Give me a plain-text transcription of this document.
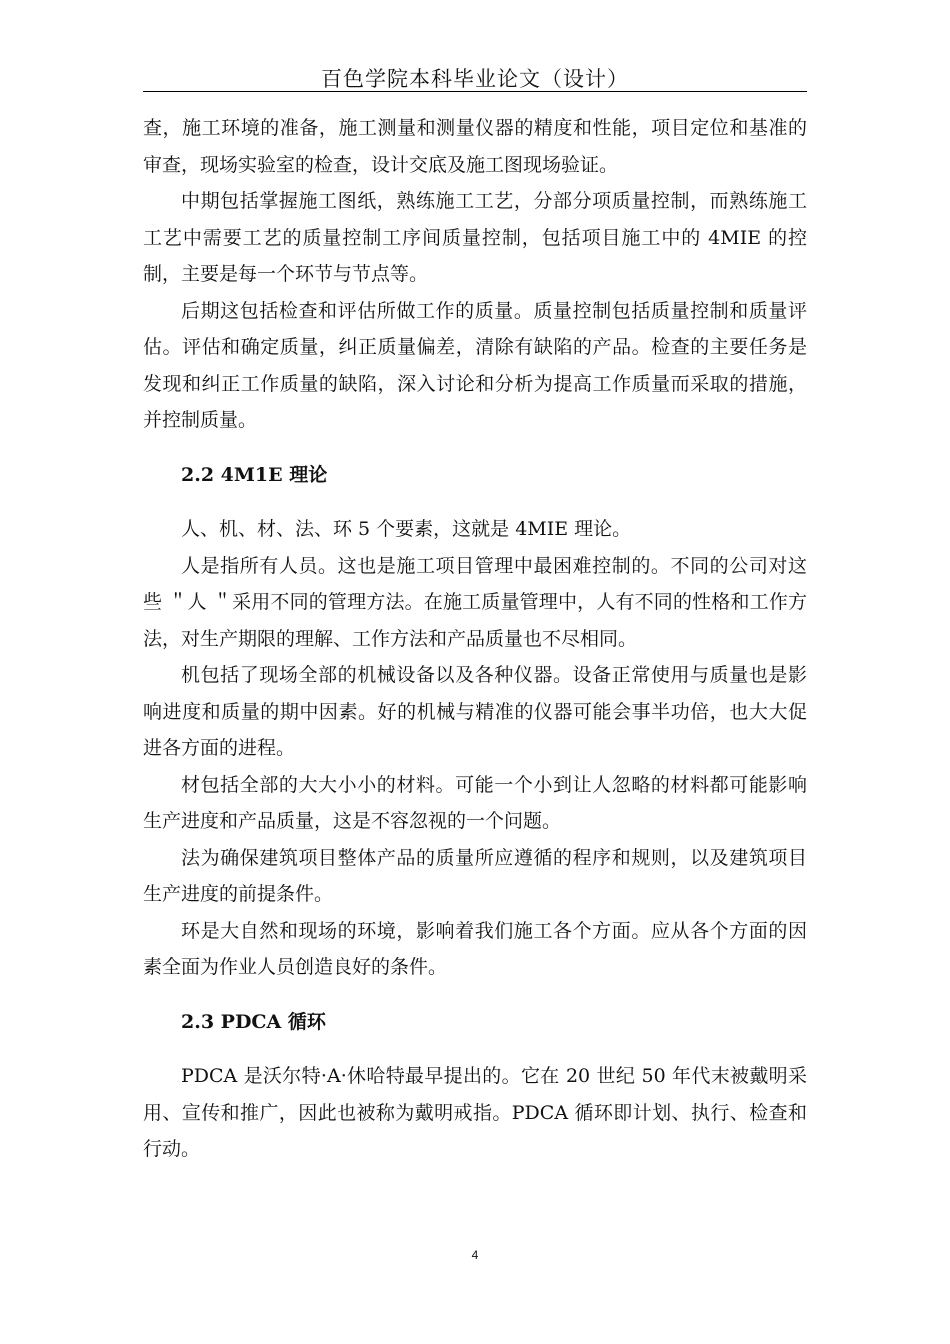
百色学院本科毕业论文（设计）

查，施工环境的准备，施工测量和测量仪器的精度和性能，项目定位和基准的审查，现场实验室的检查，设计交底及施工图现场验证。

中期包括掌握施工图纸，熟练施工工艺，分部分项质量控制，而熟练施工工艺中需要工艺的质量控制工序间质量控制，包括项目施工中的 4MIE 的控制，主要是每一个环节与节点等。

后期这包括检查和评估所做工作的质量。质量控制包括质量控制和质量评估。评估和确定质量，纠正质量偏差，清除有缺陷的产品。检查的主要任务是发现和纠正工作质量的缺陷，深入讨论和分析为提高工作质量而采取的措施，并控制质量。

2.2 4M1E 理论

人、机、材、法、环 5 个要素，这就是 4MIE 理论。

人是指所有人员。这也是施工项目管理中最困难控制的。不同的公司对这些 ＂人 ＂采用不同的管理方法。在施工质量管理中，人有不同的性格和工作方法，对生产期限的理解、工作方法和产品质量也不尽相同。

机包括了现场全部的机械设备以及各种仪器。设备正常使用与质量也是影响进度和质量的期中因素。好的机械与精准的仪器可能会事半功倍，也大大促进各方面的进程。

材包括全部的大大小小的材料。可能一个小到让人忽略的材料都可能影响生产进度和产品质量，这是不容忽视的一个问题。

法为确保建筑项目整体产品的质量所应遵循的程序和规则，以及建筑项目生产进度的前提条件。

环是大自然和现场的环境，影响着我们施工各个方面。应从各个方面的因素全面为作业人员创造良好的条件。

2.3 PDCA 循环

PDCA 是沃尔特·A·休哈特最早提出的。它在 20 世纪 50 年代末被戴明采用、宣传和推广，因此也被称为戴明戒指。PDCA 循环即计划、执行、检查和行动。

4
